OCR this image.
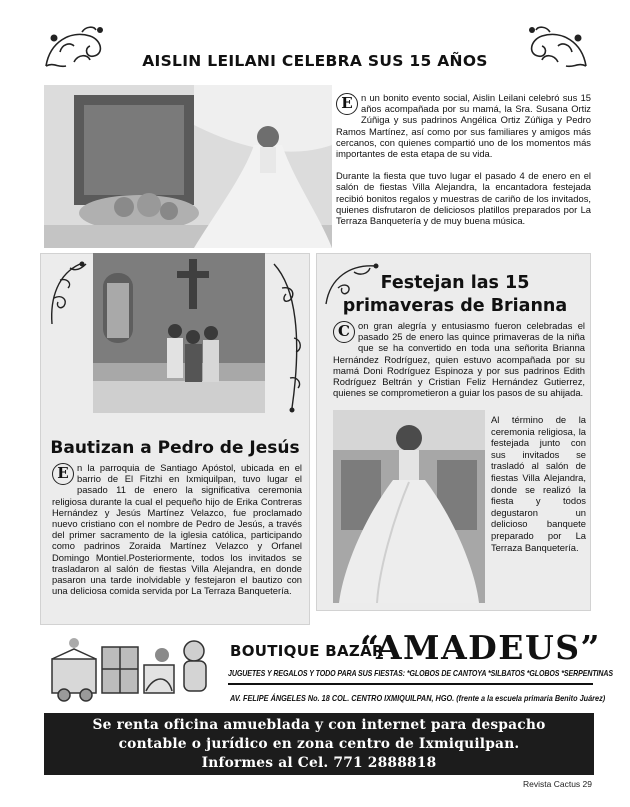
AISLIN LEILANI CELEBRA SUS 15 AÑOS
E n un bonito evento social, Aislin Leilani celebró sus 15 años acompañada por su mamá, la Sra. Susana Ortiz Zúñiga y sus padrinos Angélica Ortiz Zúñiga y Pedro Ramos Martínez, así como por sus familiares y amigos más cercanos, con quienes compartió uno de los momentos más importantes de esta etapa de su vida.

Durante la fiesta que tuvo lugar el pasado 4 de enero en el salón de fiestas Villa Alejandra, la encantadora festejada recibió bonitos regalos y muestras de cariño de los invitados, quienes disfrutaron de deliciosos platillos preparados por La Terraza Banquetería y de muy buena música.

Bautizan a Pedro de Jesús
E n la parroquia de Santiago Apóstol, ubicada en el barrio de El Fitzhi en Ixmiquilpan, tuvo lugar el pasado 11 de enero la significativa ceremonia religiosa durante la cual el pequeño hijo de Erika Contreras Hernández y Jesús Martínez Velazco, fue proclamado nuevo cristiano con el nombre de Pedro de Jesús, a través del primer sacramento de la iglesia católica, participando como padrinos Zoraida Martínez Velazco y Orfanel Domingo Montiel.Posteriormente, todos los invitados se trasladaron al salón de fiestas Villa Alejandra, en donde pasaron una tarde inolvidable y festejaron el bautizo con una deliciosa comida servida por La Terraza Banquetería.

Festejan las 15
primaveras de Brianna
C on gran alegría y entusiasmo fueron celebradas el pasado 25 de enero las quince primaveras de la niña que se ha convertido en toda una señorita Brianna Hernández Rodríguez, quien estuvo acompañada por su mamá Doni Rodríguez Espinoza y por sus padrinos Edith Rodríguez Beltrán y Cristian Feliz Hernández Gutierrez, quienes se comprometieron a guiar los pasos de su ahijada.

Al término de la ceremonia religiosa, la festejada junto con sus invitados se trasladó al salón de fiestas Villa Alejandra, donde se realizó la fiesta y todos degustaron un delicioso banquete preparado por La Terraza Banquetería.

BOUTIQUE BAZAR
“AMADEUS”
JUGUETES Y REGALOS Y TODO PARA SUS FIESTAS: *GLOBOS DE CANTOYA *SILBATOS *GLOBOS *SERPENTINAS
AV. FELIPE ÁNGELES No. 18 COL. CENTRO IXMIQUILPAN, HGO. (frente a la escuela primaria Benito Juárez)
Se renta oficina amueblada y con internet para despacho
contable o jurídico en zona centro de Ixmiquilpan.
Informes al Cel. 771 2888818
Revista Cactus 29
